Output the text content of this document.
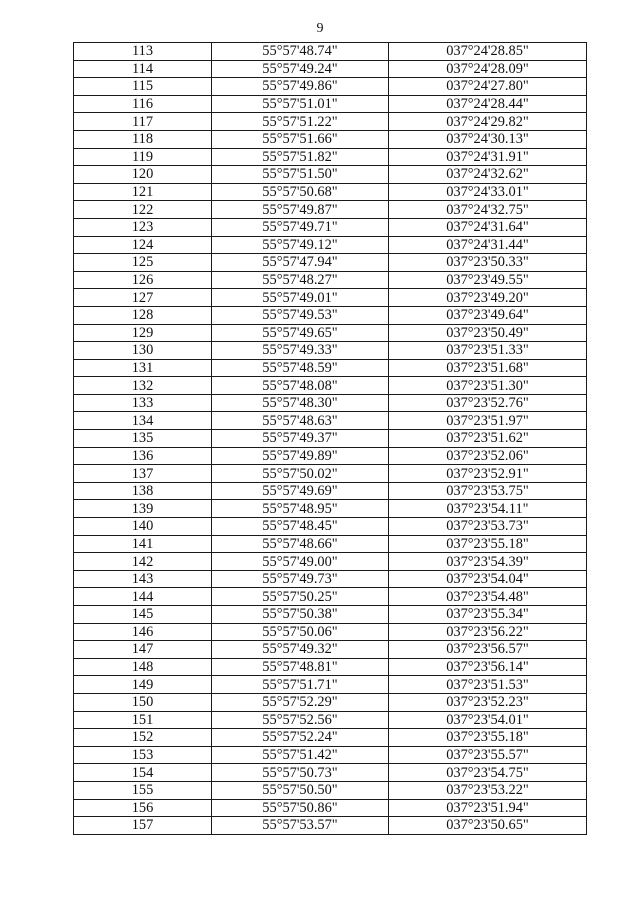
9
113	55°57'48.74"	037°24'28.85"
114	55°57'49.24"	037°24'28.09"
115	55°57'49.86"	037°24'27.80"
116	55°57'51.01"	037°24'28.44"
117	55°57'51.22"	037°24'29.82"
118	55°57'51.66"	037°24'30.13"
119	55°57'51.82"	037°24'31.91"
120	55°57'51.50"	037°24'32.62"
121	55°57'50.68"	037°24'33.01"
122	55°57'49.87"	037°24'32.75"
123	55°57'49.71"	037°24'31.64"
124	55°57'49.12"	037°24'31.44"
125	55°57'47.94"	037°23'50.33"
126	55°57'48.27"	037°23'49.55"
127	55°57'49.01"	037°23'49.20"
128	55°57'49.53"	037°23'49.64"
129	55°57'49.65"	037°23'50.49"
130	55°57'49.33"	037°23'51.33"
131	55°57'48.59"	037°23'51.68"
132	55°57'48.08"	037°23'51.30"
133	55°57'48.30"	037°23'52.76"
134	55°57'48.63"	037°23'51.97"
135	55°57'49.37"	037°23'51.62"
136	55°57'49.89"	037°23'52.06"
137	55°57'50.02"	037°23'52.91"
138	55°57'49.69"	037°23'53.75"
139	55°57'48.95"	037°23'54.11"
140	55°57'48.45"	037°23'53.73"
141	55°57'48.66"	037°23'55.18"
142	55°57'49.00"	037°23'54.39"
143	55°57'49.73"	037°23'54.04"
144	55°57'50.25"	037°23'54.48"
145	55°57'50.38"	037°23'55.34"
146	55°57'50.06"	037°23'56.22"
147	55°57'49.32"	037°23'56.57"
148	55°57'48.81"	037°23'56.14"
149	55°57'51.71"	037°23'51.53"
150	55°57'52.29"	037°23'52.23"
151	55°57'52.56"	037°23'54.01"
152	55°57'52.24"	037°23'55.18"
153	55°57'51.42"	037°23'55.57"
154	55°57'50.73"	037°23'54.75"
155	55°57'50.50"	037°23'53.22"
156	55°57'50.86"	037°23'51.94"
157	55°57'53.57"	037°23'50.65"
